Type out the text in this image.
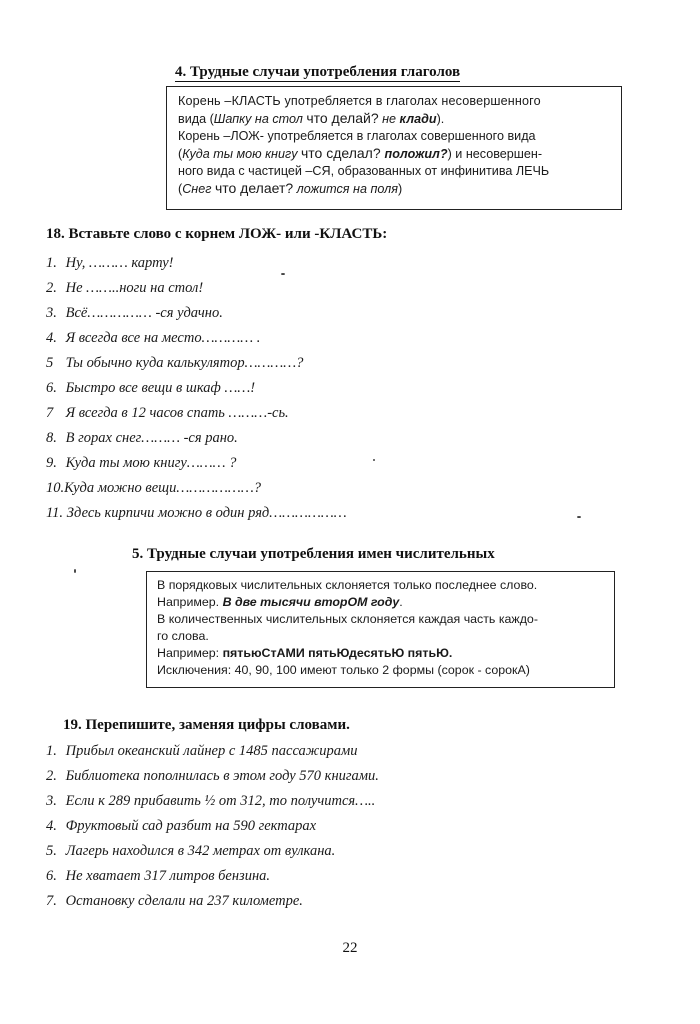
4. Трудные случаи употребления глаголов

Корень –КЛАСТЬ употребляется в глаголах несовершенного

вида (Шапку на стол что делай? не клади).

Корень –ЛОЖ- употребляется в глаголах совершенного вида

(Куда ты мою книгу что сделал? положил?) и несовершен-

ного вида с частицей –СЯ, образованных от инфинитива ЛЕЧЬ

(Снег что делает? ложится на поля)

18. Вставьте слово с корнем ЛОЖ- или -КЛАСТЬ:
1. Ну, ……… карту!
2. Не ……..ноги на стол!
3. Всё…………… -ся удачно.
4. Я всегда все на место………… .
5 Ты обычно куда калькулятор…………?
6. Быстро все вещи в шкаф ……!
7 Я всегда в 12 часов спать ………-сь.
8. В горах снег……… -ся рано.
9. Куда ты мою книгу……… ?
10.Куда можно вещи………………?
11. Здесь кирпичи можно в один ряд………………
5. Трудные случаи употребления имен числительных

В порядковых числительных склоняется только последнее слово.

Например. В две тысячи вторОМ году.

В количественных числительных склоняется каждая часть каждо-

го слова.

Например: пятьюСтАМИ пятьЮдесятьЮ пятьЮ.

Исключения: 40, 90, 100 имеют только 2 формы (сорок - сорокА)

19. Перепишите, заменяя цифры словами.
1. Прибыл океанский лайнер с 1485 пассажирами
2. Библиотека пополнилась в этом году 570 книгами.
3. Если к 289 прибавить ½ от 312, то получится…..
4. Фруктовый сад разбит на 590 гектарах
5. Лагерь находился в 342 метрах от вулкана.
6. Не хватает 317 литров бензина.
7. Остановку сделали на 237 километре.
22
